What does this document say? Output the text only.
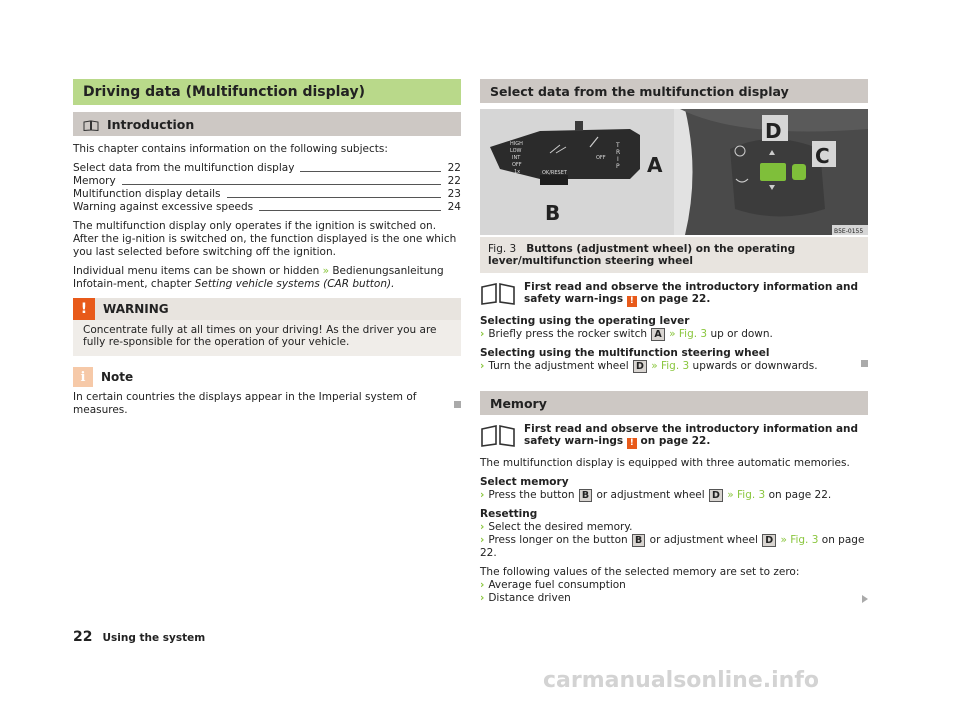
Driving data (Multifunction display)
Introduction

This chapter contains information on the following subjects:

Select data from the multifunction display	22
Memory	22
Multifunction display details	23
Warning against excessive speeds	24

The multifunction display only operates if the ignition is switched on. After the ig-nition is switched on, the function displayed is the one which you last selected before switching off the ignition.

Individual menu items can be shown or hidden » Bedienungsanleitung Infotain-ment, chapter Setting vehicle systems (CAR button).

!	WARNING
Concentrate fully at all times on your driving! As the driver you are fully re-sponsible for the operation of your vehicle.
i	Note

In certain countries the displays appear in the Imperial system of measures.

Select data from the multifunction display
HIGH
LOW
INT
OFF
1x	OK/RESET
OFF
T
R
I
P A
B
D
C
B5E-0155
Fig. 3 Buttons (adjustment wheel) on the operating lever/multifunction steering wheel
First read and observe the introductory information and safety warn-ings ! on page 22.

Selecting using the operating lever

› Briefly press the rocker switch A » Fig. 3 up or down.

Selecting using the multifunction steering wheel

› Turn the adjustment wheel D » Fig. 3 upwards or downwards.

Memory
First read and observe the introductory information and safety warn-ings ! on page 22.

The multifunction display is equipped with three automatic memories.

Select memory

› Press the button B or adjustment wheel D » Fig. 3 on page 22.

Resetting

› Select the desired memory.

› Press longer on the button B or adjustment wheel D » Fig. 3 on page 22.

The following values of the selected memory are set to zero:

› Average fuel consumption

› Distance driven

22 Using the system
carmanualsonline.info
